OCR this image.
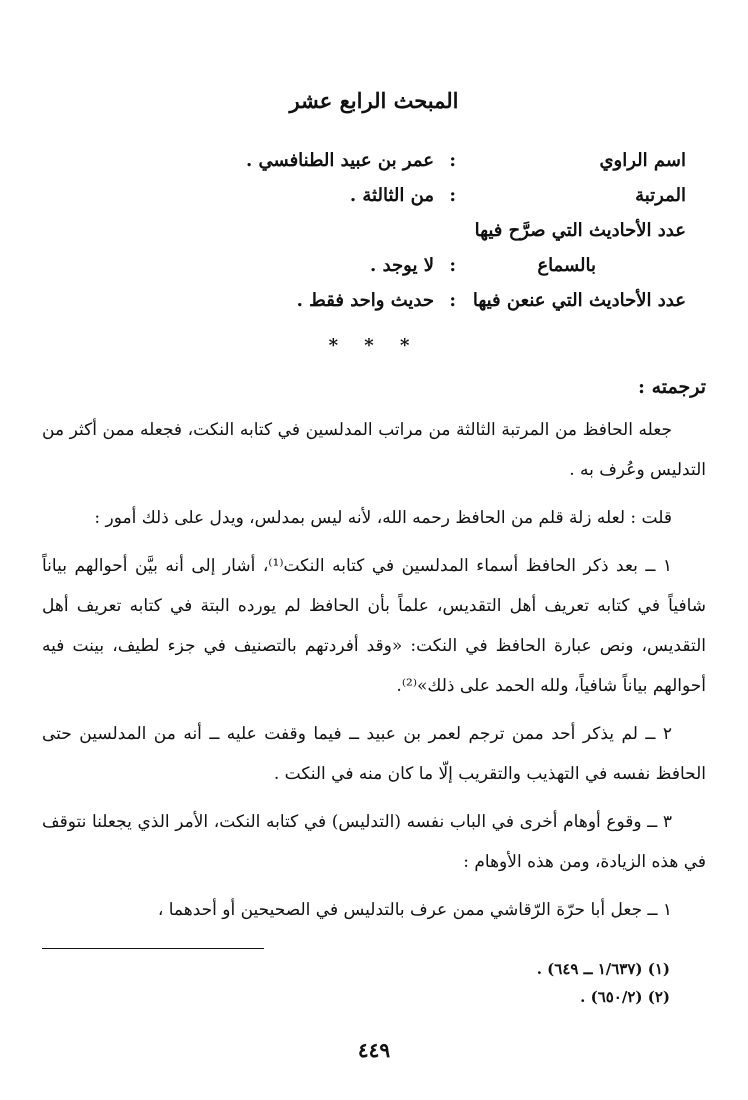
المبحث الرابع عشر
اسم الراوي
:
عمر بن عبيد الطنافسي .
المرتبة
:
من الثالثة .
عدد الأحاديث التي صرَّح فيها
بالسماع
:
لا يوجد .
عدد الأحاديث التي عنعن فيها
:
حديث واحد فقط .
* * *
ترجمته :

جعله الحافظ من المرتبة الثالثة من مراتب المدلسين في كتابه النكت، فجعله ممن أكثر من التدليس وعُرف به .

قلت : لعله زلة قلم من الحافظ رحمه الله، لأنه ليس بمدلس، ويدل على ذلك أمور :

١ ــ بعد ذكر الحافظ أسماء المدلسين في كتابه النكت⁽¹⁾، أشار إلى أنه بيَّن أحوالهم بياناً شافياً في كتابه تعريف أهل التقديس، علماً بأن الحافظ لم يورده البتة في كتابه تعريف أهل التقديس، ونص عبارة الحافظ في النكت: «وقد أفردتهم بالتصنيف في جزء لطيف، بينت فيه أحوالهم بياناً شافياً، ولله الحمد على ذلك»⁽²⁾.

٢ ــ لم يذكر أحد ممن ترجم لعمر بن عبيد ــ فيما وقفت عليه ــ أنه من المدلسين حتى الحافظ نفسه في التهذيب والتقريب إلّا ما كان منه في النكت .

٣ ــ وقوع أوهام أخرى في الباب نفسه (التدليس) في كتابه النكت، الأمر الذي يجعلنا نتوقف في هذه الزيادة، ومن هذه الأوهام :

١ ــ جعل أبا حرّة الرّقاشي ممن عرف بالتدليس في الصحيحين أو أحدهما ،

(١) (١/٦٣٧ ــ ٦٤٩) .
(٢) (٦٥٠/٢) .
٤٤٩
